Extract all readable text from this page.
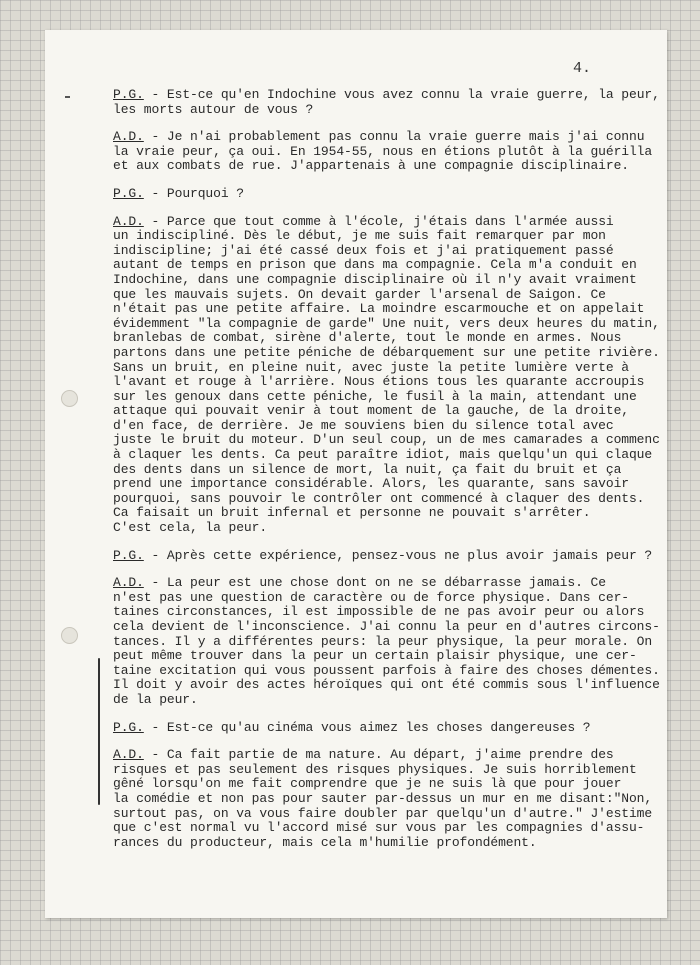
4.
P.G. - Est-ce qu'en Indochine vous avez connu la vraie guerre, la peur,
les morts autour de vous ?
A.D. - Je n'ai probablement pas connu la vraie guerre mais j'ai connu
la vraie peur, ça oui. En 1954-55, nous en étions plutôt à la guérilla
et aux combats de rue. J'appartenais à une compagnie disciplinaire.
P.G. - Pourquoi ?
A.D. - Parce que tout comme à l'école, j'étais dans l'armée aussi
un indiscipliné. Dès le début, je me suis fait remarquer par mon
indiscipline; j'ai été cassé deux fois et j'ai pratiquement passé
autant de temps en prison que dans ma compagnie. Cela m'a conduit en
Indochine, dans une compagnie disciplinaire où il n'y avait vraiment
que les mauvais sujets. On devait garder l'arsenal de Saigon. Ce
n'était pas une petite affaire. La moindre escarmouche et on appelait
évidemment "la compagnie de garde" Une nuit, vers deux heures du matin,
branlebas de combat, sirène d'alerte, tout le monde en armes. Nous
partons dans une petite péniche de débarquement sur une petite rivière.
Sans un bruit, en pleine nuit, avec juste la petite lumière verte à
l'avant et rouge à l'arrière. Nous étions tous les quarante accroupis
sur les genoux dans cette péniche, le fusil à la main, attendant une
attaque qui pouvait venir à tout moment de la gauche, de la droite,
d'en face, de derrière. Je me souviens bien du silence total avec
juste le bruit du moteur. D'un seul coup, un de mes camarades a commenc
à claquer les dents. Ca peut paraître idiot, mais quelqu'un qui claque
des dents dans un silence de mort, la nuit, ça fait du bruit et ça
prend une importance considérable. Alors, les quarante, sans savoir
pourquoi, sans pouvoir le contrôler ont commencé à claquer des dents.
Ca faisait un bruit infernal et personne ne pouvait s'arrêter.
C'est cela, la peur.
P.G. - Après cette expérience, pensez-vous ne plus avoir jamais peur ?
A.D. - La peur est une chose dont on ne se débarrasse jamais. Ce
n'est pas une question de caractère ou de force physique. Dans cer-
taines circonstances, il est impossible de ne pas avoir peur ou alors
cela devient de l'inconscience. J'ai connu la peur en d'autres circons-
tances. Il y a différentes peurs: la peur physique, la peur morale. On
peut même trouver dans la peur un certain plaisir physique, une cer-
taine excitation qui vous poussent parfois à faire des choses démentes.
Il doit y avoir des actes héroïques qui ont été commis sous l'influence
de la peur.
P.G. - Est-ce qu'au cinéma vous aimez les choses dangereuses ?
A.D. - Ca fait partie de ma nature. Au départ, j'aime prendre des
risques et pas seulement des risques physiques. Je suis horriblement
gêné lorsqu'on me fait comprendre que je ne suis là que pour jouer
la comédie et non pas pour sauter par-dessus un mur en me disant:"Non,
surtout pas, on va vous faire doubler par quelqu'un d'autre." J'estime
que c'est normal vu l'accord misé sur vous par les compagnies d'assu-
rances du producteur, mais cela m'humilie profondément.
